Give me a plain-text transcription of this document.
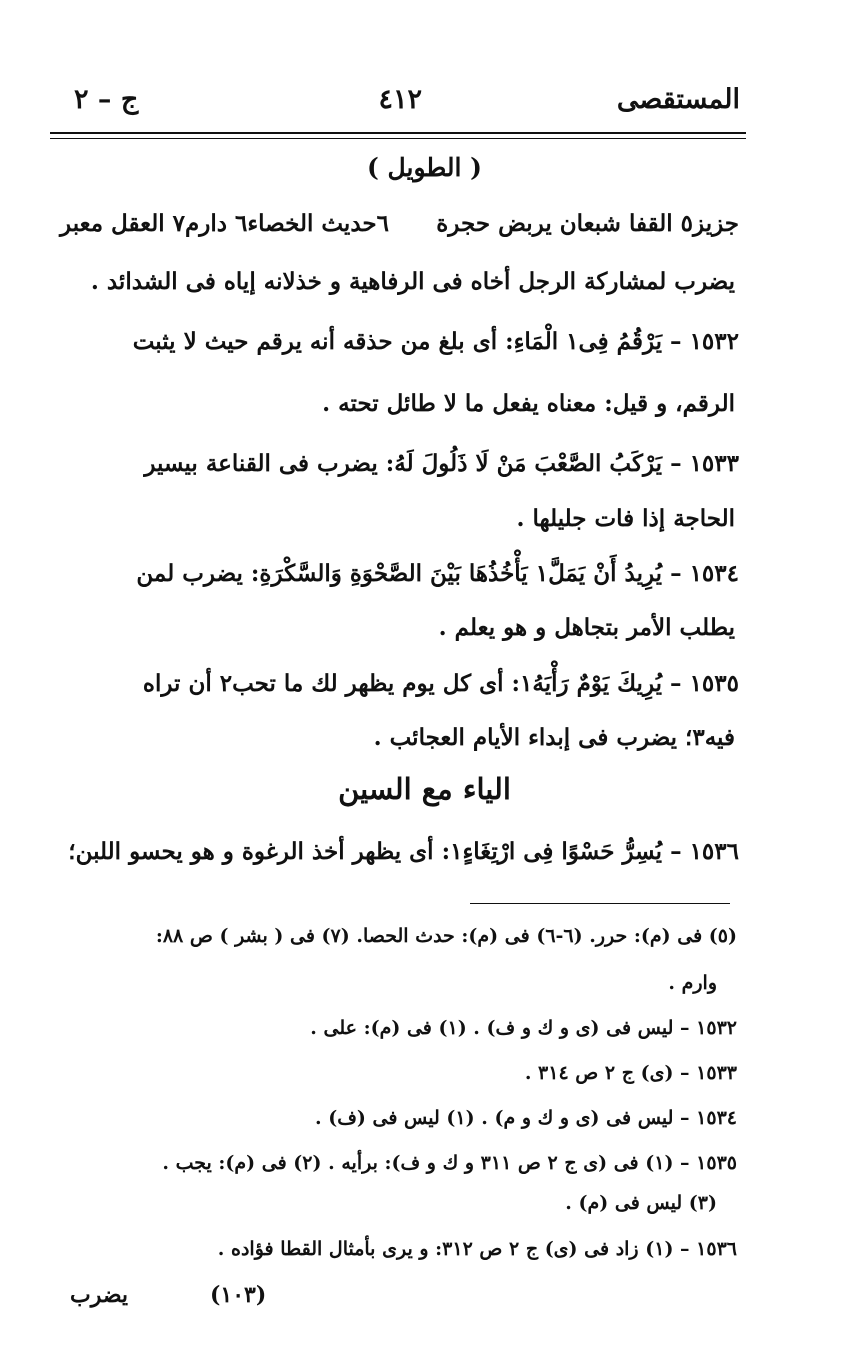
المستقصى
٤١٢
ج – ٢
( الطويل )
جزيز٥ القفا شبعان يربض حجرة
٦حديث الخصاء٦ دارم٧ العقل معبر
يضرب لمشاركة الرجل أخاه فى الرفاهية و خذلانه إياه فى الشدائد .
١٥٣٢ – يَرْقُمُ فِى١ الْمَاءِ: أى بلغ من حذقه أنه يرقم حيث لا يثبت
الرقم، و قيل: معناه يفعل ما لا طائل تحته .
١٥٣٣ – يَرْكَبُ الصَّعْبَ مَنْ لَا ذَلُولَ لَهُ: يضرب فى القناعة بيسير
الحاجة إذا فات جليلها .
١٥٣٤ – يُرِيدُ أَنْ يَمَلَّ١ يَأْخُذُهَا بَيْنَ الصَّحْوَةِ وَالسَّكْرَةِ: يضرب لمن
يطلب الأمر بتجاهل و هو يعلم .
١٥٣٥ – يُرِيكَ يَوْمٌ رَأْيَهُ١: أى كل يوم يظهر لك ما تحب٢ أن تراه
فيه٣؛ يضرب فى إبداء الأيام العجائب .
الياء مع السين
١٥٣٦ – يُسِرُّ حَسْوًا فِى ارْتِغَاءٍ١: أى يظهر أخذ الرغوة و هو يحسو اللبن؛
(٥) فى (م): حرر. (٦-٦) فى (م): حدث الحصا. (٧) فى ( بشر ) ص ٨٨:
وارم .
١٥٣٢ – ليس فى (ى و ك و ف) . (١) فى (م): على .
١٥٣٣ – (ى) ج ٢ ص ٣١٤ .
١٥٣٤ – ليس فى (ى و ك و م) . (١) ليس فى (ف) .
١٥٣٥ – (١) فى (ى ج ٢ ص ٣١١ و ك و ف): برأيه . (٢) فى (م): يجب .
(٣) ليس فى (م) .
١٥٣٦ – (١) زاد فى (ى) ج ٢ ص ٣١٢: و يرى بأمثال القطا فؤاده .
(١٠٣)
يضرب
